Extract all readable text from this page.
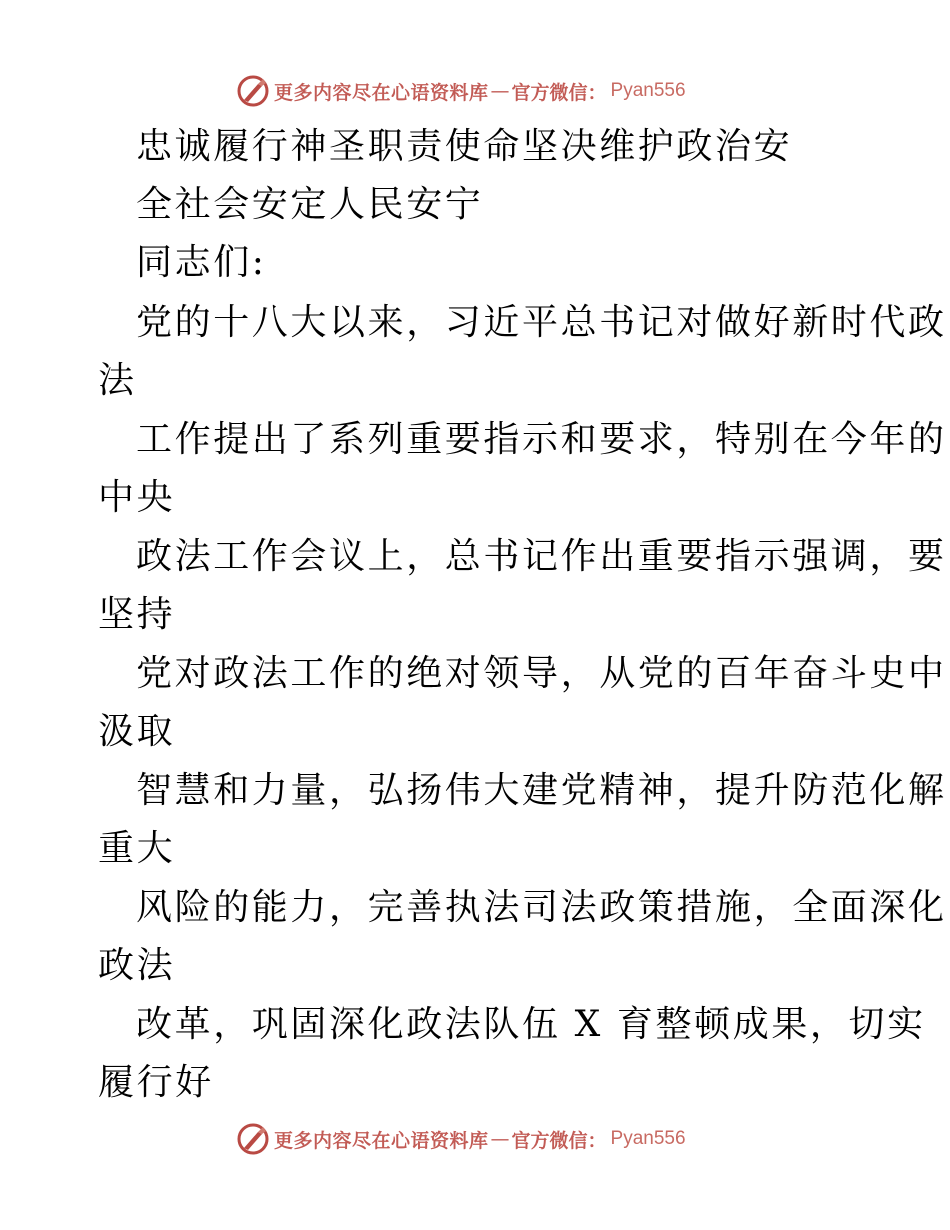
更多内容尽在心语资料库 — 官方微信： Pyan556
忠诚履行神圣职责使命坚决维护政治安
全社会安定人民安宁
同志们:
党的十八大以来，习近平总书记对做好新时代政
法
工作提出了系列重要指示和要求，特别在今年的
中央
政法工作会议上，总书记作出重要指示强调，要
坚持
党对政法工作的绝对领导，从党的百年奋斗史中
汲取
智慧和力量，弘扬伟大建党精神，提升防范化解
重大
风险的能力，完善执法司法政策措施，全面深化
政法
改革，巩固深化政法队伍 X 育整顿成果，切实
履行好
更多内容尽在心语资料库 — 官方微信： Pyan556
